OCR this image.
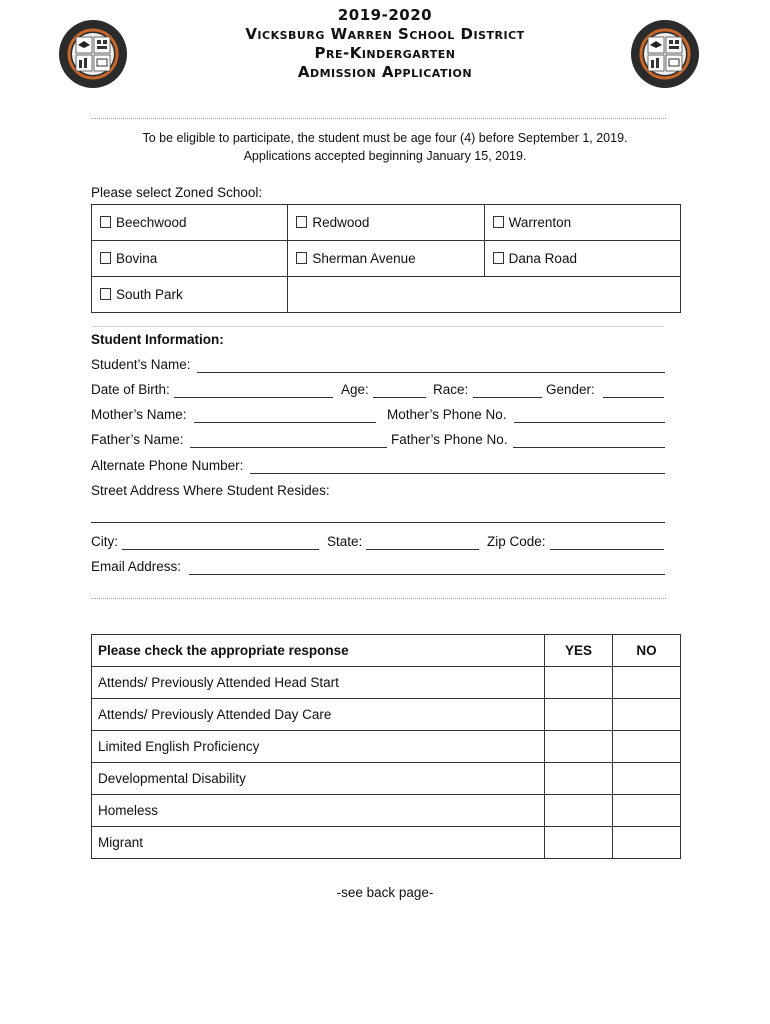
2019-2020
Vicksburg Warren School District
Pre-Kindergarten
Admission Application
To be eligible to participate, the student must be age four (4) before September 1, 2019.
Applications accepted beginning January 15, 2019.
Please select Zoned School:
Beechwood	Redwood	Warrenton
Bovina	Sherman Avenue	Dana Road
South Park		
Student Information:
Student’s Name:
Date of Birth:	Age:	Race:	Gender:
Mother’s Name:	Mother’s Phone No.
Father’s Name:	Father’s Phone No.
Alternate Phone Number:
Street Address Where Student Resides:
City:	State:	Zip Code:
Email Address:
Please check the appropriate response	YES	NO
Attends/ Previously Attended Head Start		
Attends/ Previously Attended Day Care		
Limited English Proficiency		
Developmental Disability		
Homeless		
Migrant		
-see back page-
